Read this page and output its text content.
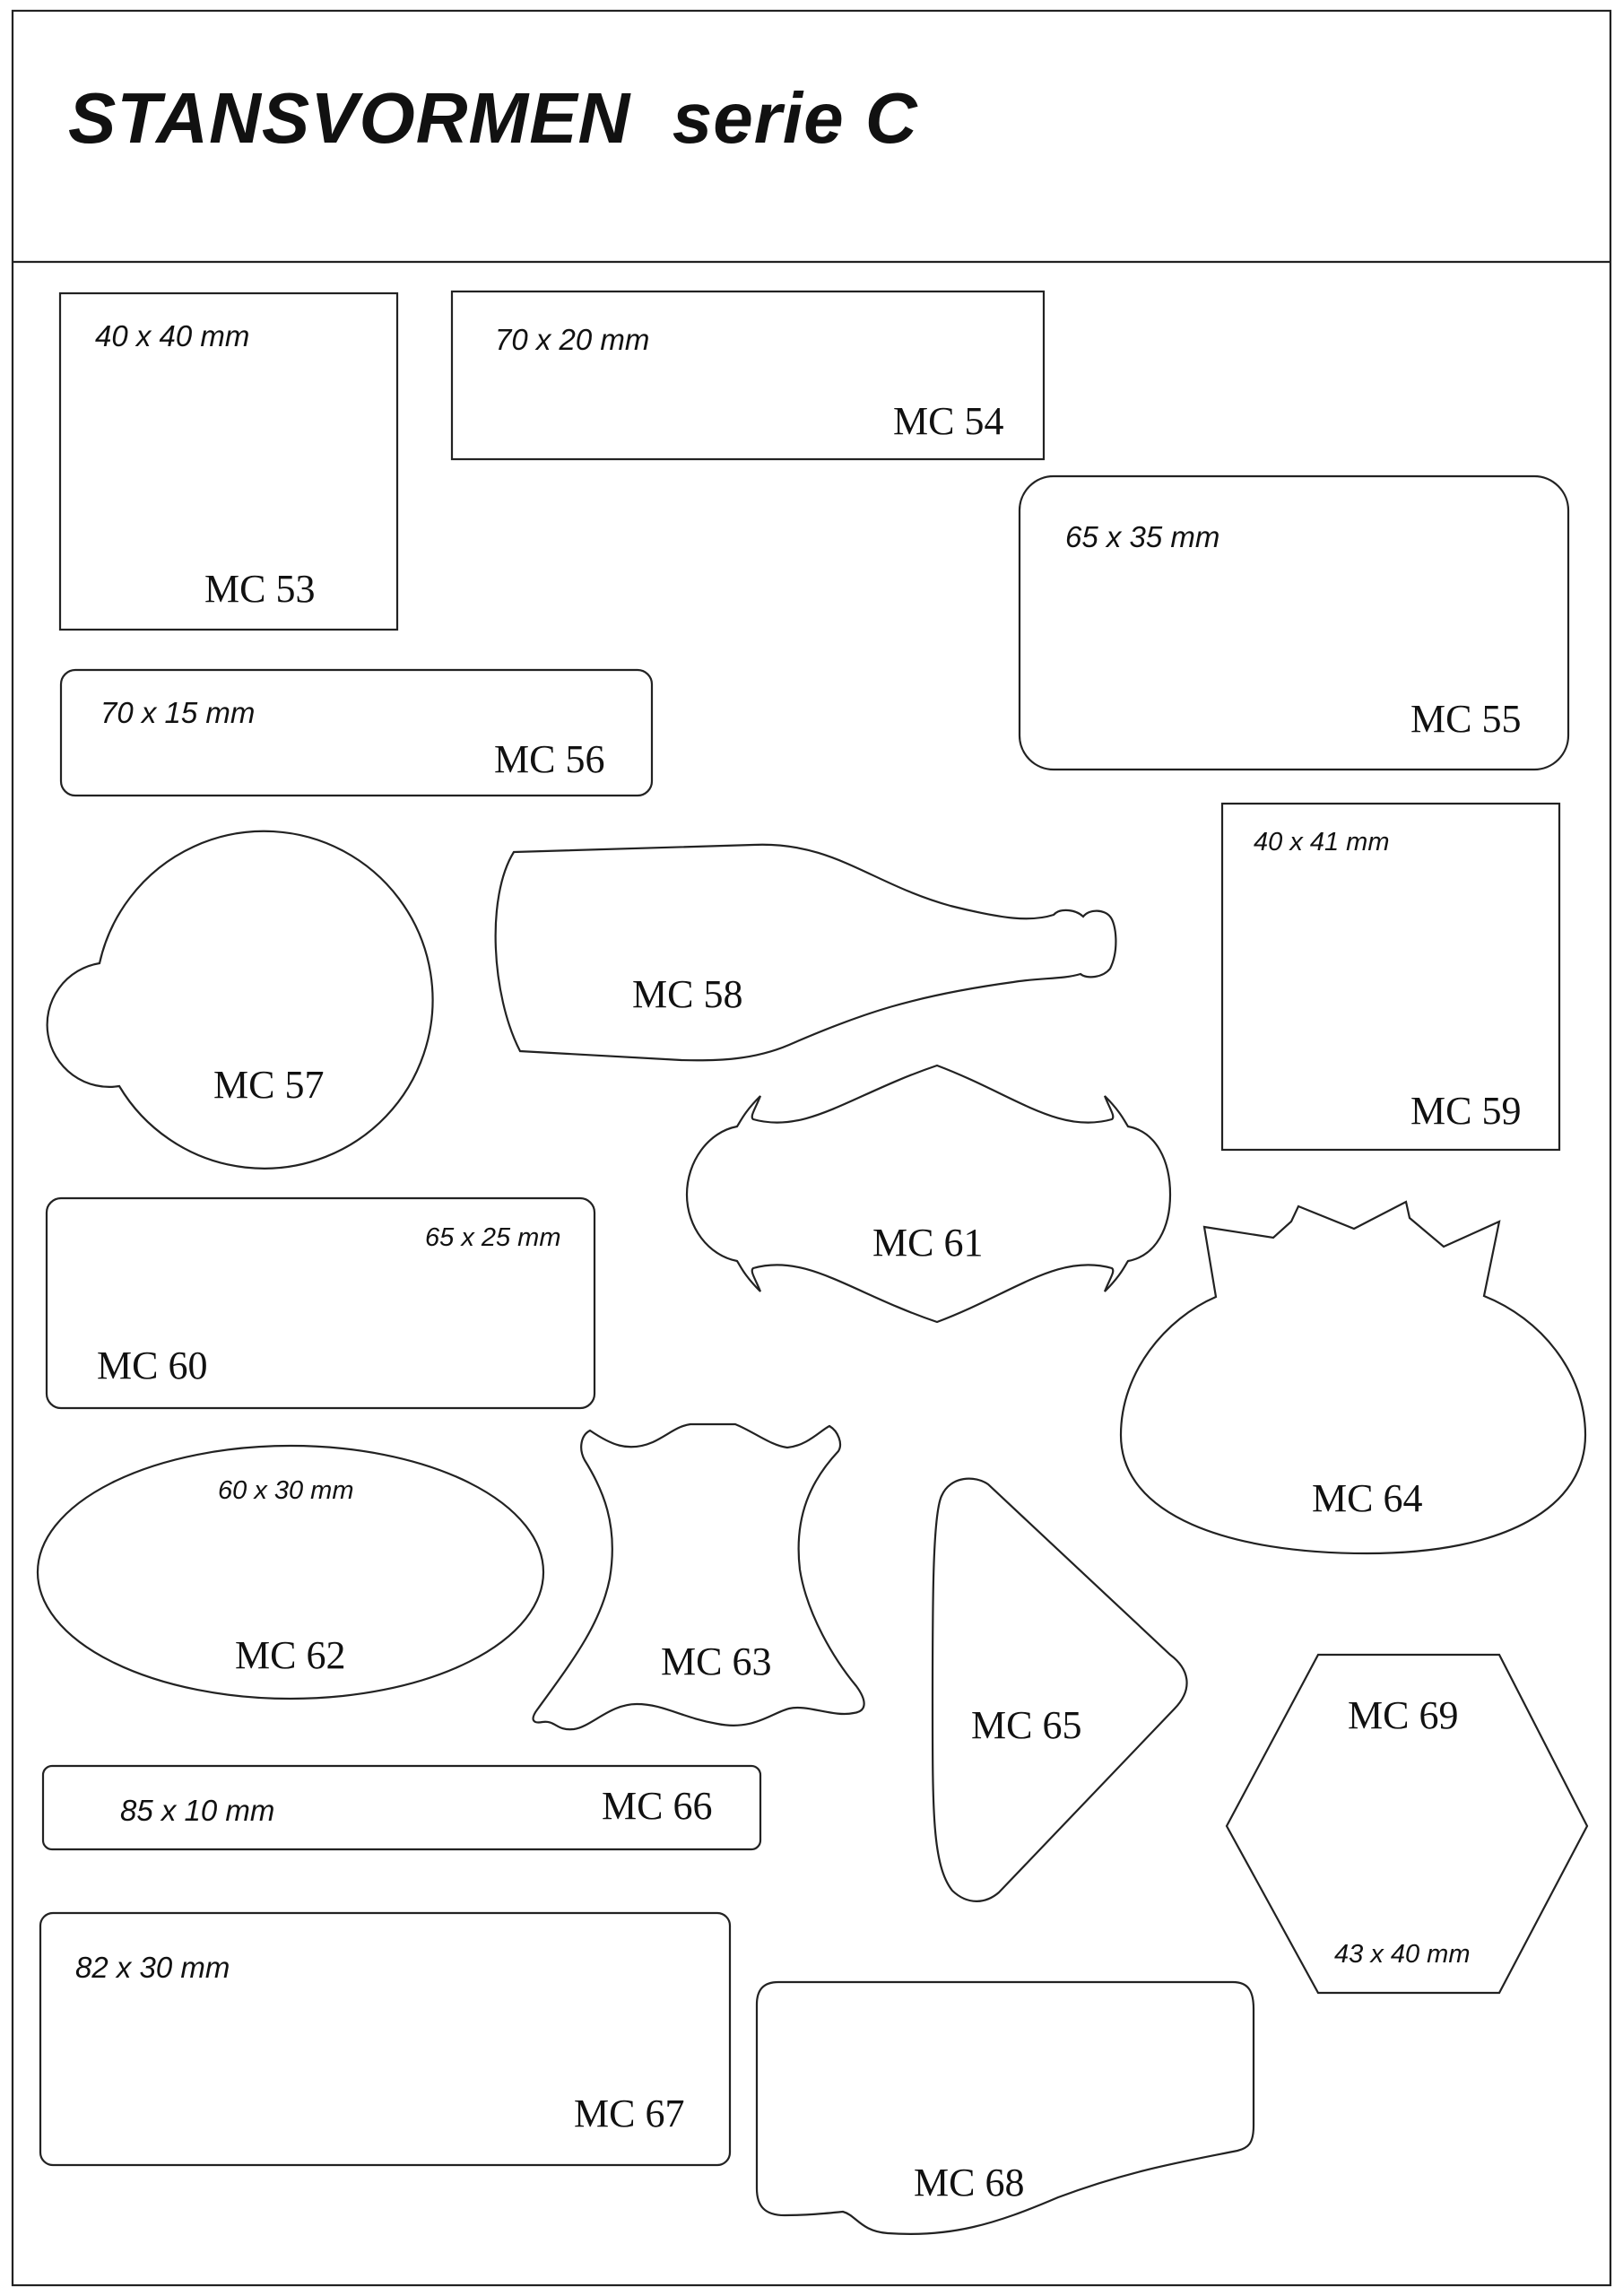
40 x 40 mm
MC 53
70 x 20 mm
MC 54
65 x 35 mm
MC 55
70 x 15 mm
MC 56
MC 57
MC 58
40 x 41 mm
MC 59
65 x 25 mm
MC 60
MC 61
60 x 30 mm
MC 62	MC 63
MC 64
MC 65
85 x 10 mm	MC 66
MC 69
43 x 40 mm
82 x 30 mm
MC 67
MC 68
STANSVORMEN  serie C
